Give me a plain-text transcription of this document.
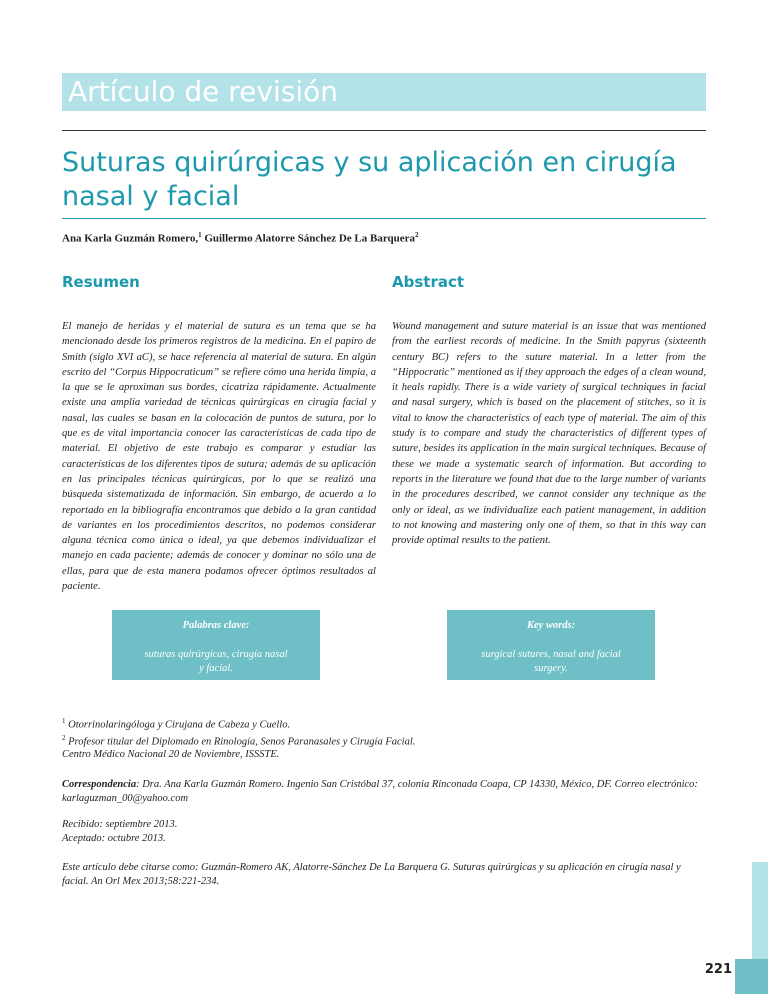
Artículo de revisión
Suturas quirúrgicas y su aplicación en cirugía nasal y facial
Ana Karla Guzmán Romero,$^1$ Guillermo Alatorre Sánchez De La Barquera$^2$
Resumen	Abstract

El manejo de heridas y el material de sutura es un tema que se ha mencionado desde los primeros registros de la medicina. En el papiro de Smith (siglo XVI aC), se hace referencia al material de sutura. En algún escrito del “Corpus Hippocraticum” se refiere cómo una herida limpia, a la que se le aproximan sus bordes, cicatriza rápidamente. Actualmente existe una amplia variedad de técnicas quirúrgicas en cirugía facial y nasal, las cuales se basan en la colocación de puntos de sutura, por lo que es de vital importancia conocer las características de cada tipo de material. El objetivo de este trabajo es comparar y estudiar las características de los diferentes tipos de sutura; además de su aplicación en las principales técnicas quirúrgicas, por lo que se realizó una búsqueda sistematizada de información. Sin embargo, de acuerdo a lo reportado en la bibliografía encontramos que debido a la gran cantidad de variantes en los procedimientos descritos, no podemos considerar alguna técnica como única o ideal, ya que debemos individualizar el manejo en cada paciente; además de conocer y dominar no sólo una de ellas, para que de esta manera podamos ofrecer óptimos resultados al paciente.

Wound management and suture material is an issue that was mentioned from the earliest records of medicine. In the Smith papyrus (sixteenth century BC) refers to the suture material. In a letter from the “Hippocratic” mentioned as if they approach the edges of a clean wound, it heals rapidly. There is a wide variety of surgical techniques in facial and nasal surgery, which is based on the placement of stitches, so it is vital to know the characteristics of each type of material. The aim of this study is to compare and study the characteristics of different types of suture, besides its application in the main surgical techniques. Because of these we made a systematic search of information. But according to reports in the literature we found that due to the large number of variants in the procedures described, we cannot consider any technique as the only or ideal, as we individualize each patient management, in addition to not knowing and mastering only one of them, so that in this way can provide optimal results to the patient.

Palabras clave:
suturas quirúrgicas, cirugía nasal y facial.
Key words:
surgical sutures, nasal and facial surgery.
$^1$ Otorrinolaringóloga y Cirujana de Cabeza y Cuello.
$^2$ Profesor titular del Diplomado en Rinología, Senos Paranasales y Cirugía Facial.
Centro Médico Nacional 20 de Noviembre, ISSSTE.

Correspondencia: Dra. Ana Karla Guzmán Romero. Ingenio San Cristóbal 37, colonia Rinconada Coapa, CP 14330, México, DF. Correo electrónico: karlaguzman_00@yahoo.com

Recibido: septiembre 2013.
Aceptado: octubre 2013.

Este artículo debe citarse como: Guzmán-Romero AK, Alatorre-Sánchez De La Barquera G. Suturas quirúrgicas y su aplicación en cirugía nasal y facial. An Orl Mex 2013;58:221-234.

221
